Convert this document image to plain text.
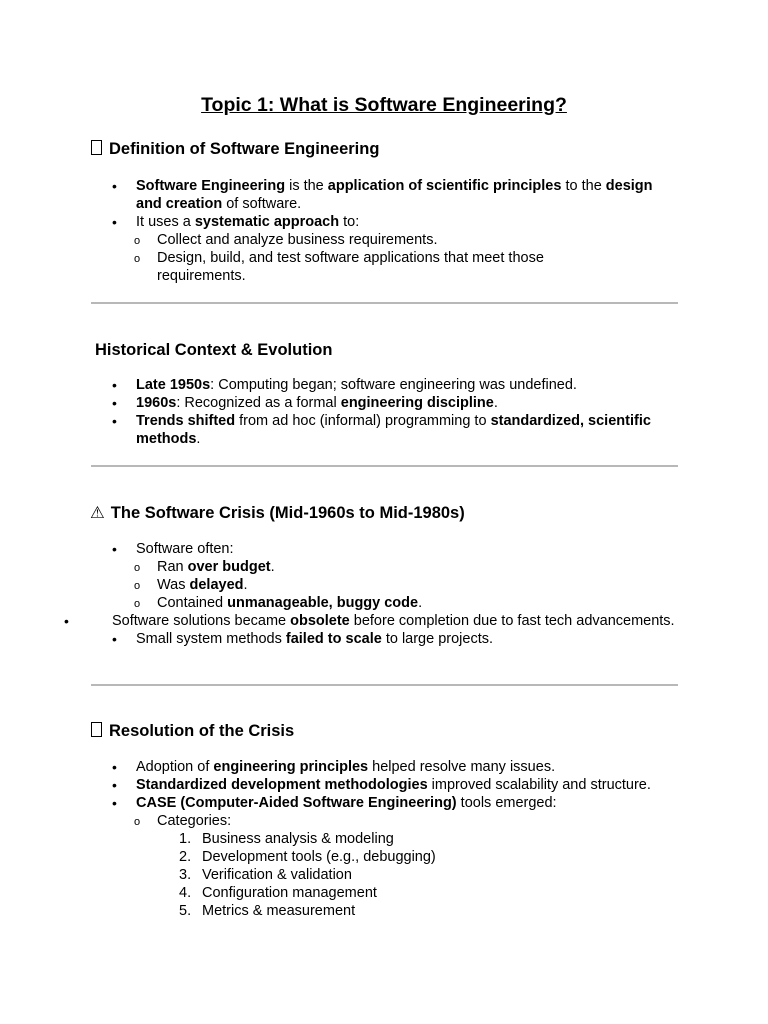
Topic 1: What is Software Engineering?
Definition of Software Engineering
• Software Engineering is the application of scientific principles to the design and creation of software.
• It uses a systematic approach to:
o Collect and analyze business requirements.
o Design, build, and test software applications that meet those requirements.
Historical Context & Evolution
• Late 1950s: Computing began; software engineering was undefined.
• 1960s: Recognized as a formal engineering discipline.
• Trends shifted from ad hoc (informal) programming to standardized, scientific methods.
⚠ The Software Crisis (Mid-1960s to Mid-1980s)
• Software often:
o Ran over budget.
o Was delayed.
o Contained unmanageable, buggy code.
• Software solutions became obsolete before completion due to fast tech advancements.
• Small system methods failed to scale to large projects.
Resolution of the Crisis
• Adoption of engineering principles helped resolve many issues.
• Standardized development methodologies improved scalability and structure.
• CASE (Computer-Aided Software Engineering) tools emerged:
o Categories:
1. Business analysis & modeling
2. Development tools (e.g., debugging)
3. Verification & validation
4. Configuration management
5. Metrics & measurement
